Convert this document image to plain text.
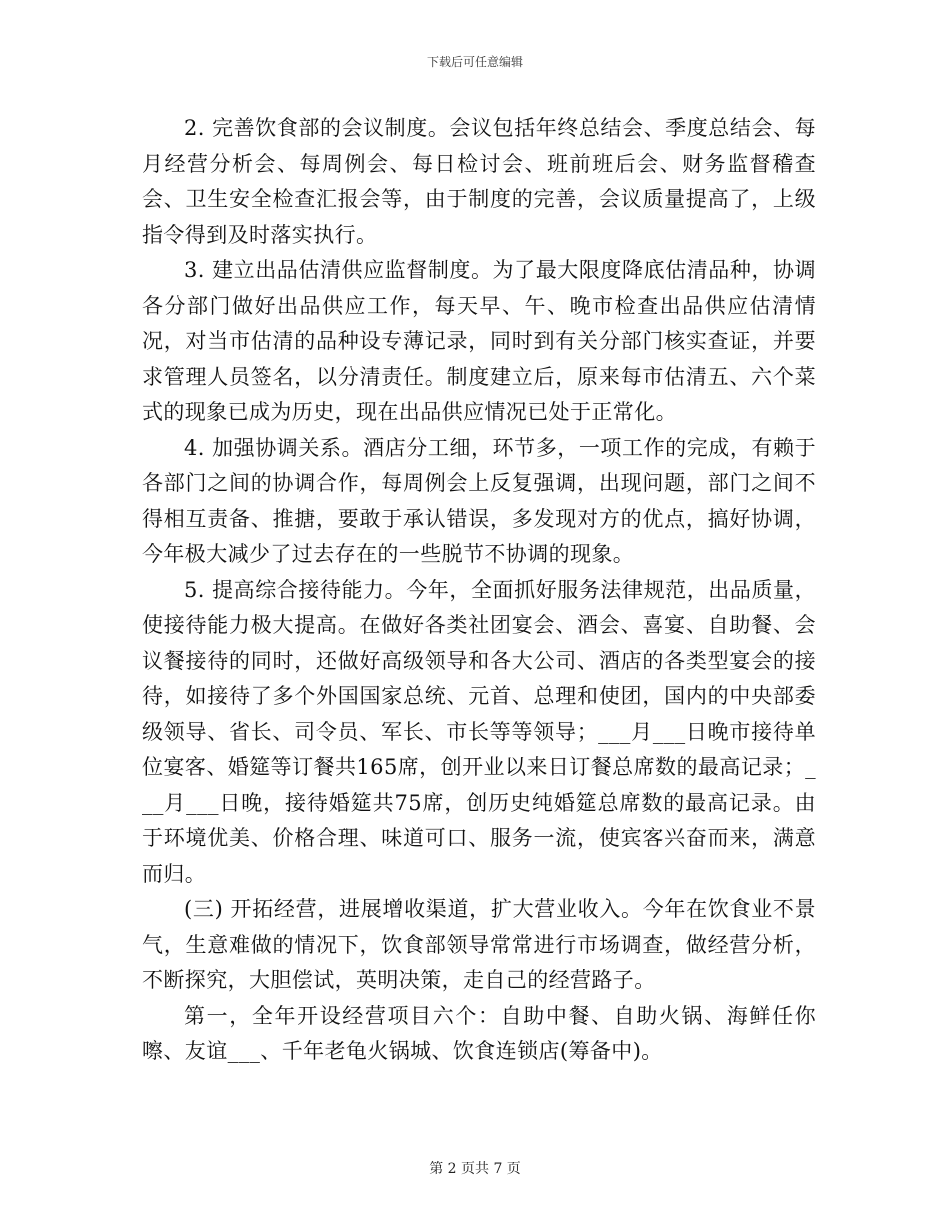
下载后可任意编辑

2. 完善饮食部的会议制度。会议包括年终总结会、季度总结会、每月经营分析会、每周例会、每日检讨会、班前班后会、财务监督稽查会、卫生安全检查汇报会等，由于制度的完善，会议质量提高了，上级指令得到及时落实执行。

3. 建立出品估清供应监督制度。为了最大限度降底估清品种，协调各分部门做好出品供应工作，每天早、午、晚市检查出品供应估清情况，对当市估清的品种设专薄记录，同时到有关分部门核实查证，并要求管理人员签名，以分清责任。制度建立后，原来每市估清五、六个菜式的现象已成为历史，现在出品供应情况已处于正常化。

4. 加强协调关系。酒店分工细，环节多，一项工作的完成，有赖于各部门之间的协调合作，每周例会上反复强调，出现问题，部门之间不得相互责备、推搪，要敢于承认错误，多发现对方的优点，搞好协调，今年极大减少了过去存在的一些脱节不协调的现象。

5. 提高综合接待能力。今年，全面抓好服务法律规范，出品质量，使接待能力极大提高。在做好各类社团宴会、酒会、喜宴、自助餐、会议餐接待的同时，还做好高级领导和各大公司、酒店的各类型宴会的接待，如接待了多个外国国家总统、元首、总理和使团，国内的中央部委级领导、省长、司令员、军长、市长等等领导；___月___日晚市接待单位宴客、婚筵等订餐共165席，创开业以来日订餐总席数的最高记录；___月___日晚，接待婚筵共75席，创历史纯婚筵总席数的最高记录。由于环境优美、价格合理、味道可口、服务一流，使宾客兴奋而来，满意而归。

(三) 开拓经营，进展增收渠道，扩大营业收入。今年在饮食业不景气，生意难做的情况下，饮食部领导常常进行市场调查，做经营分析，不断探究，大胆偿试，英明决策，走自己的经营路子。

第一，全年开设经营项目六个：自助中餐、自助火锅、海鲜任你嚓、友谊___、千年老龟火锅城、饮食连锁店(筹备中)。

第 2 页共 7 页
